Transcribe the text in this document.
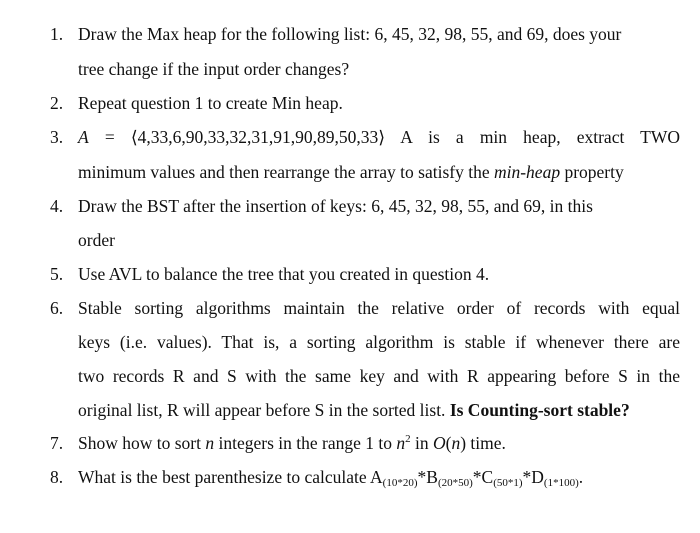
1. Draw the Max heap for the following list: 6, 45, 32, 98, 55, and 69, does your
tree change if the input order changes?
2. Repeat question 1 to create Min heap.
3. A = ⟨4,33,6,90,33,32,31,91,90,89,50,33⟩ A is a min heap, extract TWO
minimum values and then rearrange the array to satisfy the min-heap property
4. Draw the BST after the insertion of keys: 6, 45, 32, 98, 55, and 69, in this
order
5. Use AVL to balance the tree that you created in question 4.
6. Stable sorting algorithms maintain the relative order of records with equal
keys (i.e. values). That is, a sorting algorithm is stable if whenever there are
two records R and S with the same key and with R appearing before S in the
original list, R will appear before S in the sorted list. Is Counting-sort stable?
7. Show how to sort n integers in the range 1 to $n^2$ in O(n) time.
8. What is the best parenthesize to calculate $A_{(10*20)}*B_{(20*50)}*C_{(50*1)}*D_{(1*100)}$.
